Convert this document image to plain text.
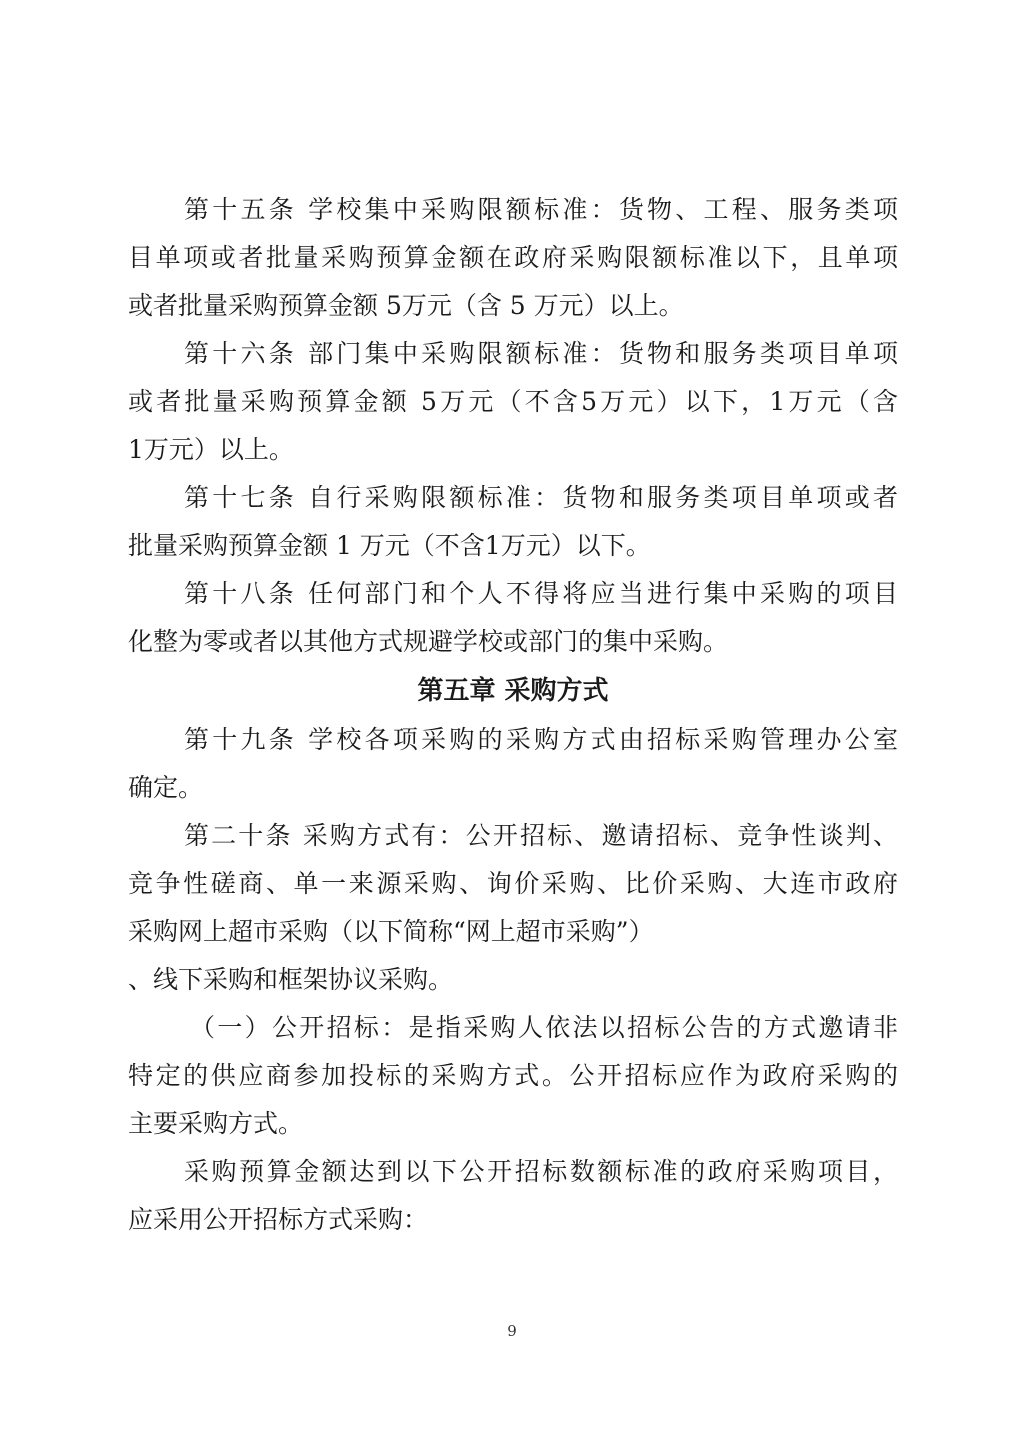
第十五条 学校集中采购限额标准：货物、工程、服务类项
目单项或者批量采购预算金额在政府采购限额标准以下，且单项
或者批量采购预算金额 5万元（含 5 万元）以上。
第十六条 部门集中采购限额标准：货物和服务类项目单项
或者批量采购预算金额 5万元（不含5万元）以下，1万元（含
1万元）以上。
第十七条 自行采购限额标准：货物和服务类项目单项或者
批量采购预算金额 1 万元（不含1万元）以下。
第十八条 任何部门和个人不得将应当进行集中采购的项目
化整为零或者以其他方式规避学校或部门的集中采购。
第五章 采购方式
第十九条 学校各项采购的采购方式由招标采购管理办公室
确定。
第二十条 采购方式有：公开招标、邀请招标、竞争性谈判、
竞争性磋商、单一来源采购、询价采购、比价采购、大连市政府
采购网上超市采购（以下简称“网上超市采购”）
、线下采购和框架协议采购。
（一）公开招标：是指采购人依法以招标公告的方式邀请非
特定的供应商参加投标的采购方式。公开招标应作为政府采购的
主要采购方式。
采购预算金额达到以下公开招标数额标准的政府采购项目，
应采用公开招标方式采购：
9
